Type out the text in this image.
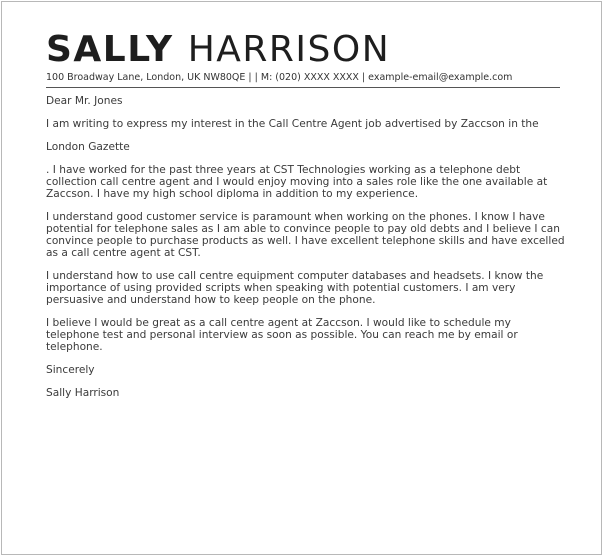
SALLY HARRISON
100 Broadway Lane, London, UK NW80QE | | M: (020) XXXX XXXX | example-email@example.com

Dear Mr. Jones

I am writing to express my interest in the Call Centre Agent job advertised by Zaccson in the

London Gazette

. I have worked for the past three years at CST Technologies working as a telephone debt collection call centre agent and I would enjoy moving into a sales role like the one available at Zaccson. I have my high school diploma in addition to my experience.

I understand good customer service is paramount when working on the phones. I know I have potential for telephone sales as I am able to convince people to pay old debts and I believe I can convince people to purchase products as well. I have excellent telephone skills and have excelled as a call centre agent at CST.

I understand how to use call centre equipment computer databases and headsets. I know the importance of using provided scripts when speaking with potential customers. I am very persuasive and understand how to keep people on the phone.

I believe I would be great as a call centre agent at Zaccson. I would like to schedule my telephone test and personal interview as soon as possible. You can reach me by email or telephone.

Sincerely

Sally Harrison
